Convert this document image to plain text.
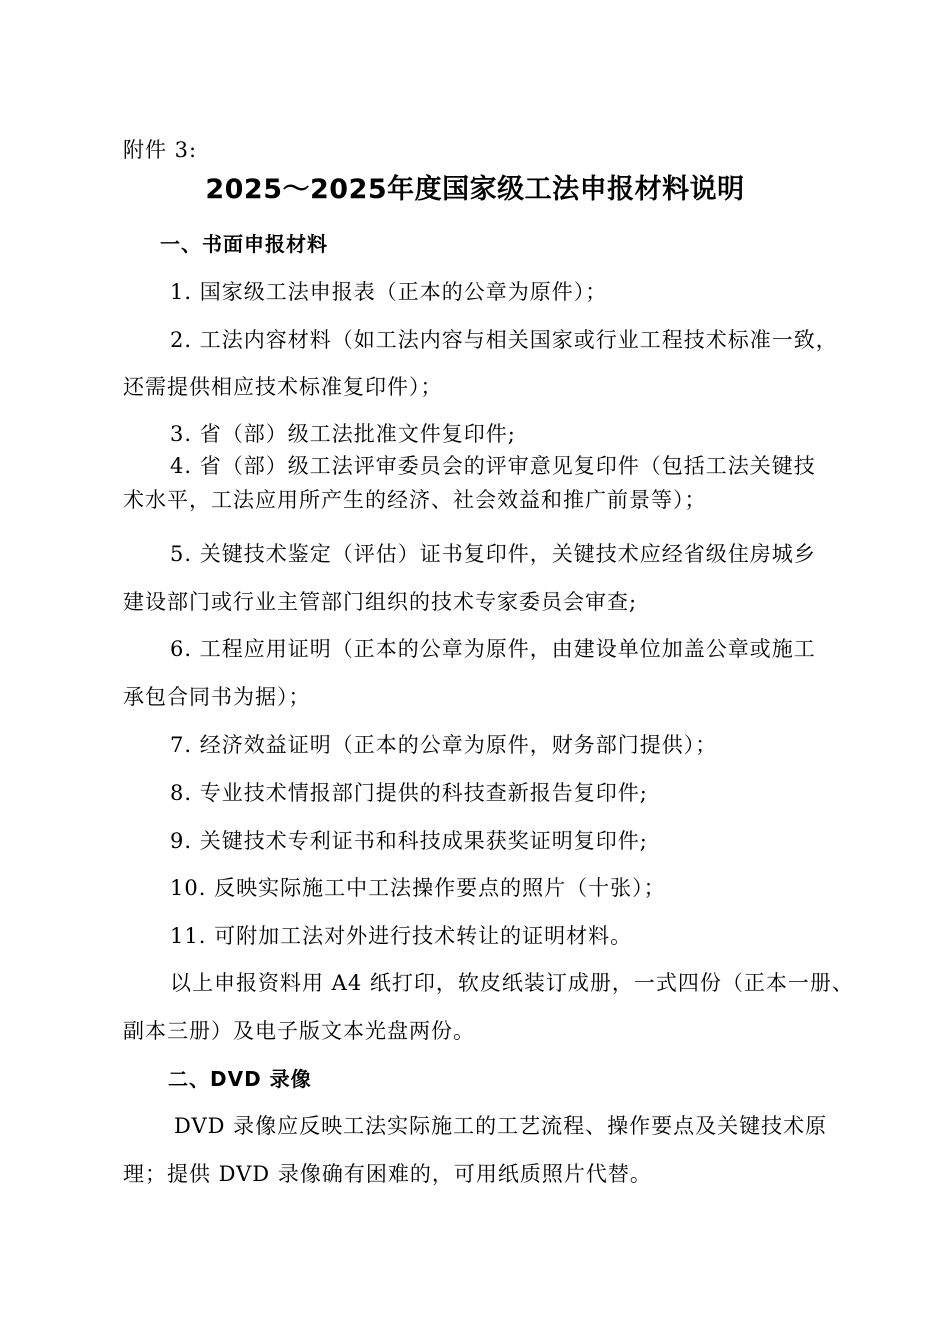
附件 3:
2025～2025年度国家级工法申报材料说明
一、书面申报材料
1. 国家级工法申报表（正本的公章为原件）；
2. 工法内容材料（如工法内容与相关国家或行业工程技术标准一致，
还需提供相应技术标准复印件）；
3. 省（部）级工法批准文件复印件;
4. 省（部）级工法评审委员会的评审意见复印件（包括工法关键技
术水平，工法应用所产生的经济、社会效益和推广前景等）；
5. 关键技术鉴定（评估）证书复印件，关键技术应经省级住房城乡
建设部门或行业主管部门组织的技术专家委员会审查;
6. 工程应用证明（正本的公章为原件，由建设单位加盖公章或施工
承包合同书为据）；
7. 经济效益证明（正本的公章为原件，财务部门提供）；
8. 专业技术情报部门提供的科技查新报告复印件;
9. 关键技术专利证书和科技成果获奖证明复印件;
10. 反映实际施工中工法操作要点的照片（十张）；
11. 可附加工法对外进行技术转让的证明材料。
以上申报资料用 A4 纸打印，软皮纸装订成册，一式四份（正本一册、
副本三册）及电子版文本光盘两份。
二、DVD 录像
DVD 录像应反映工法实际施工的工艺流程、操作要点及关键技术原
理；提供 DVD 录像确有困难的，可用纸质照片代替。
